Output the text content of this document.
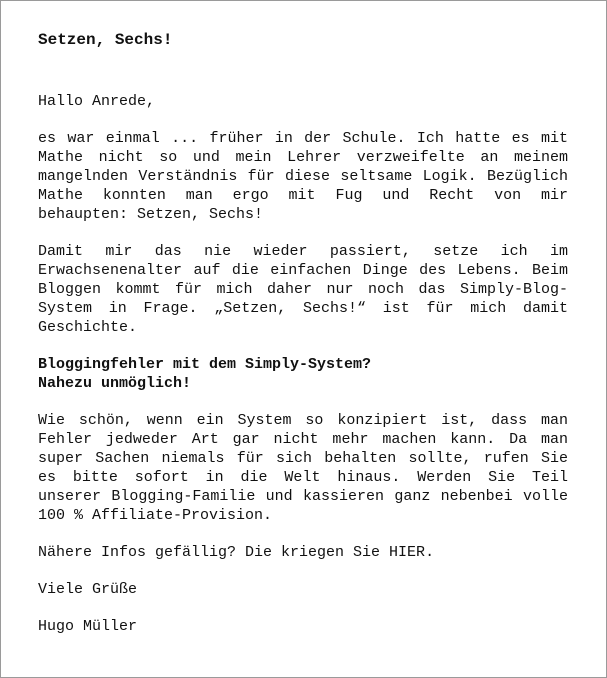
Setzen, Sechs!

Hallo Anrede,

es war einmal ... früher in der Schule. Ich hatte es mit Mathe nicht so und mein Lehrer verzweifelte an meinem mangelnden Verständnis für diese seltsame Logik. Bezüglich Mathe konnten man ergo mit Fug und Recht von mir behaupten: Setzen, Sechs!

Damit mir das nie wieder passiert, setze ich im Erwachsenenalter auf die einfachen Dinge des Lebens. Beim Bloggen kommt für mich daher nur noch das Simply-Blog-System in Frage. „Setzen, Sechs!“ ist für mich damit Geschichte.

Bloggingfehler mit dem Simply-System?
Nahezu unmöglich!

Wie schön, wenn ein System so konzipiert ist, dass man Fehler jedweder Art gar nicht mehr machen kann. Da man super Sachen niemals für sich behalten sollte, rufen Sie es bitte sofort in die Welt hinaus. Werden Sie Teil unserer Blogging-Familie und kassieren ganz nebenbei volle 100 % Affiliate-Provision.

Nähere Infos gefällig? Die kriegen Sie HIER.

Viele Grüße

Hugo Müller
